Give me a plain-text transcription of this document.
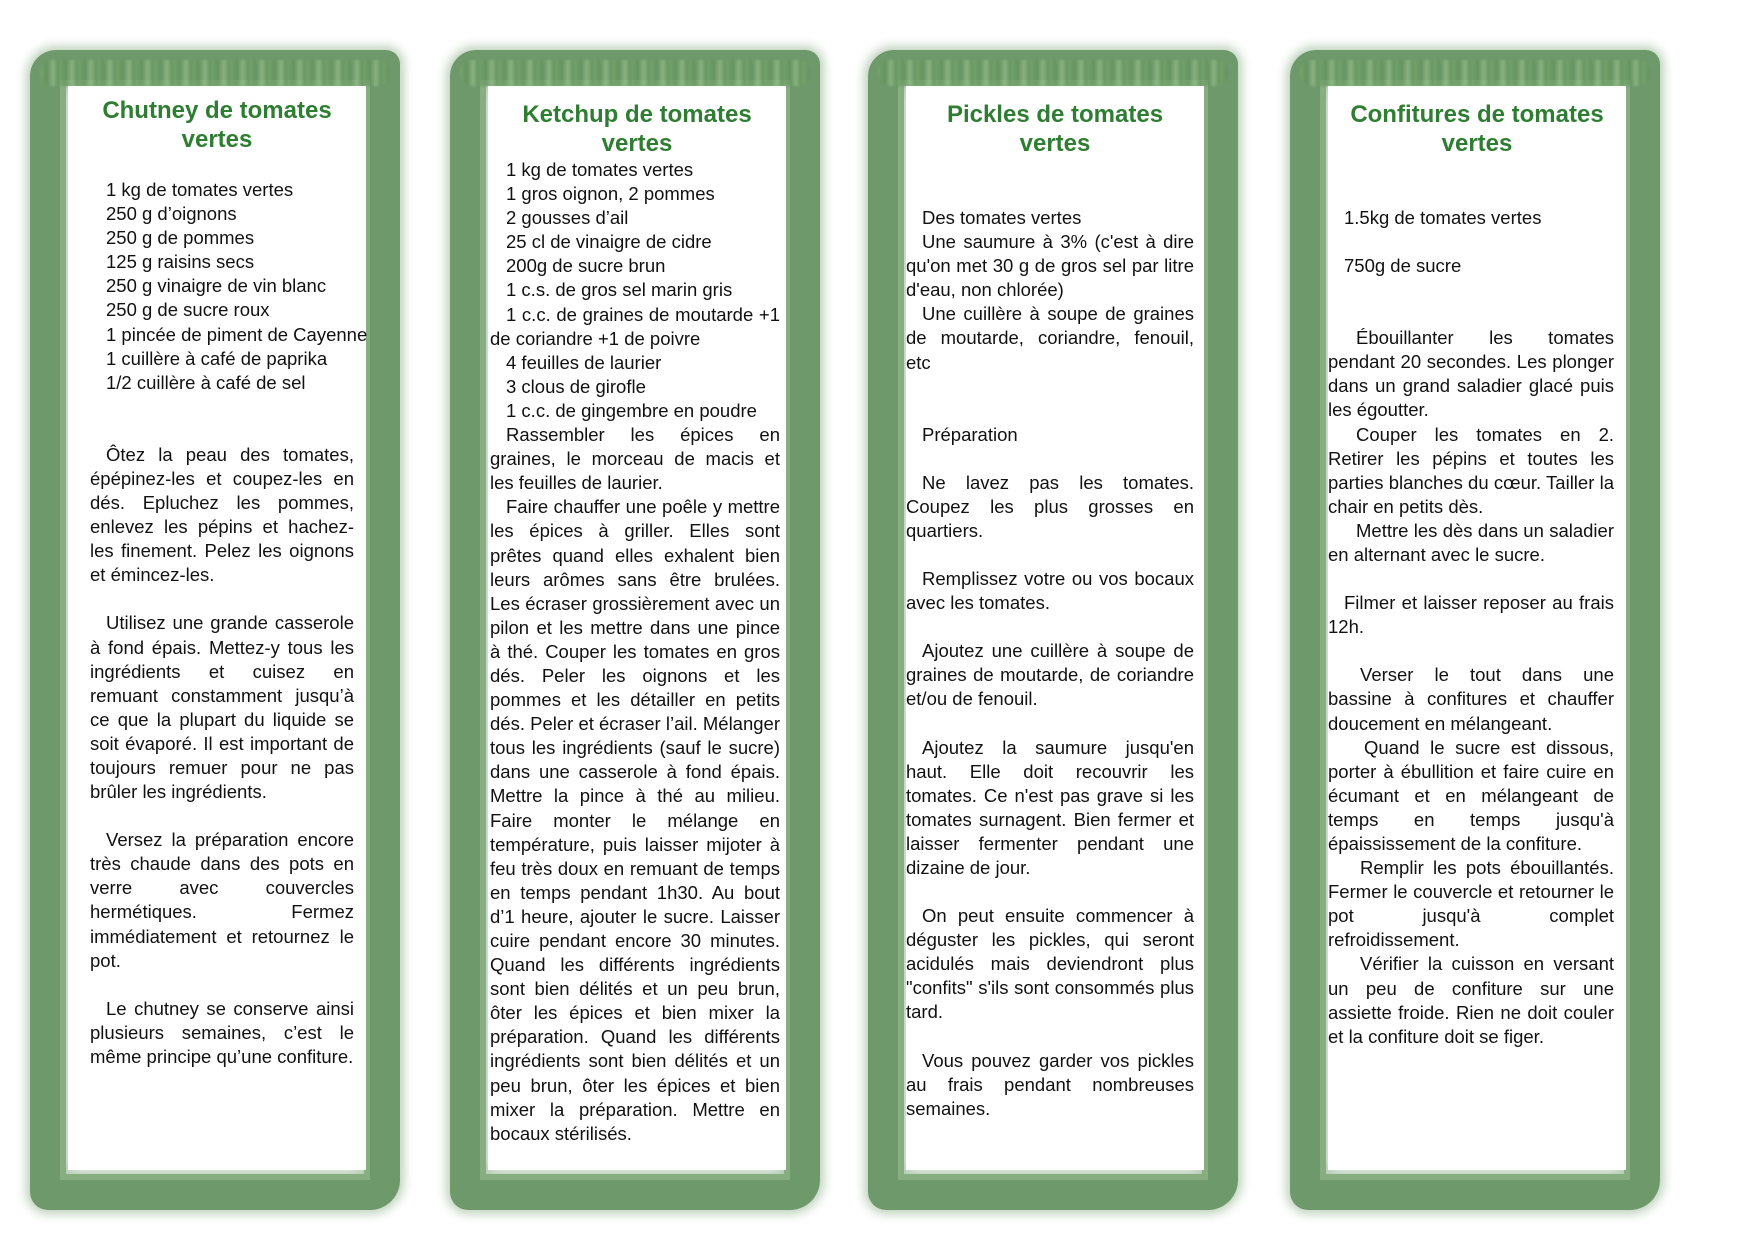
Chutney de tomates
vertes

1 kg de tomates vertes

250 g d’oignons

250 g de pommes

125 g raisins secs

250 g vinaigre de vin blanc

250 g de sucre roux

1 pincée de piment de Cayenne

1 cuillère à café de paprika

1/2 cuillère à café de sel

Ôtez la peau des tomates, épépinez-les et coupez-les en dés. Epluchez les pommes, enlevez les pépins et hachez-les finement. Pelez les oignons et émincez-les.

Utilisez une grande casserole à fond épais. Mettez-y tous les ingrédients et cuisez en remuant constamment jusqu’à ce que la plupart du liquide se soit évaporé. Il est important de toujours remuer pour ne pas brûler les ingrédients.

Versez la préparation encore très chaude dans des pots en verre avec couvercles hermétiques. Fermez immédiatement et retournez le pot.

Le chutney se conserve ainsi plusieurs semaines, c’est le même principe qu’une confiture.

Ketchup de tomates
vertes

1 kg de tomates vertes

1 gros oignon, 2 pommes

2 gousses d’ail

25 cl de vinaigre de cidre

200g de sucre brun

1 c.s. de gros sel marin gris

1 c.c. de graines de moutarde +1 de coriandre +1 de poivre

4 feuilles de laurier

3 clous de girofle

1 c.c. de gingembre en poudre

Rassembler les épices en graines, le morceau de macis et les feuilles de laurier.

Faire chauffer une poêle y mettre les épices à griller. Elles sont prêtes quand elles exhalent bien leurs arômes sans être brulées. Les écraser grossièrement avec un pilon et les mettre dans une pince à thé. Couper les tomates en gros dés. Peler les oignons et les pommes et les détailler en petits dés. Peler et écraser l’ail. Mélanger tous les ingrédients (sauf le sucre) dans une casserole à fond épais. Mettre la pince à thé au milieu. Faire monter le mélange en température, puis laisser mijoter à feu très doux en remuant de temps en temps pendant 1h30. Au bout d’1 heure, ajouter le sucre. Laisser cuire pendant encore 30 minutes. Quand les différents ingrédients sont bien délités et un peu brun, ôter les épices et bien mixer la préparation. Quand les différents ingrédients sont bien délités et un peu brun, ôter les épices et bien mixer la préparation. Mettre en bocaux stérilisés.

Pickles de tomates
vertes

Des tomates vertes

Une saumure à 3% (c'est à dire qu'on met 30 g de gros sel par litre d'eau, non chlorée)

Une cuillère à soupe de graines de moutarde, coriandre, fenouil, etc

Préparation

Ne lavez pas les tomates. Coupez les plus grosses en quartiers.

Remplissez votre ou vos bocaux avec les tomates.

Ajoutez une cuillère à soupe de graines de moutarde, de coriandre et/ou de fenouil.

Ajoutez la saumure jusqu'en haut. Elle doit recouvrir les tomates. Ce n'est pas grave si les tomates surnagent. Bien fermer et laisser fermenter pendant une dizaine de jour.

On peut ensuite commencer à déguster les pickles, qui seront acidulés mais deviendront plus "confits" s'ils sont consommés plus tard.

Vous pouvez garder vos pickles au frais pendant nombreuses semaines.

Confitures de tomates
vertes

1.5kg de tomates vertes

750g de sucre

Ébouillanter les tomates pendant 20 secondes. Les plonger dans un grand saladier glacé puis les égoutter.

Couper les tomates en 2. Retirer les pépins et toutes les parties blanches du cœur. Tailler la chair en petits dès.

Mettre les dès dans un saladier en alternant avec le sucre.

Filmer et laisser reposer au frais 12h.

Verser le tout dans une bassine à confitures et chauffer doucement en mélangeant.

Quand le sucre est dissous, porter à ébullition et faire cuire en écumant et en mélangeant de temps en temps jusqu'à épaississement de la confiture.

Remplir les pots ébouillantés. Fermer le couvercle et retourner le pot jusqu'à complet refroidissement.

Vérifier la cuisson en versant un peu de confiture sur une assiette froide. Rien ne doit couler et la confiture doit se figer.
